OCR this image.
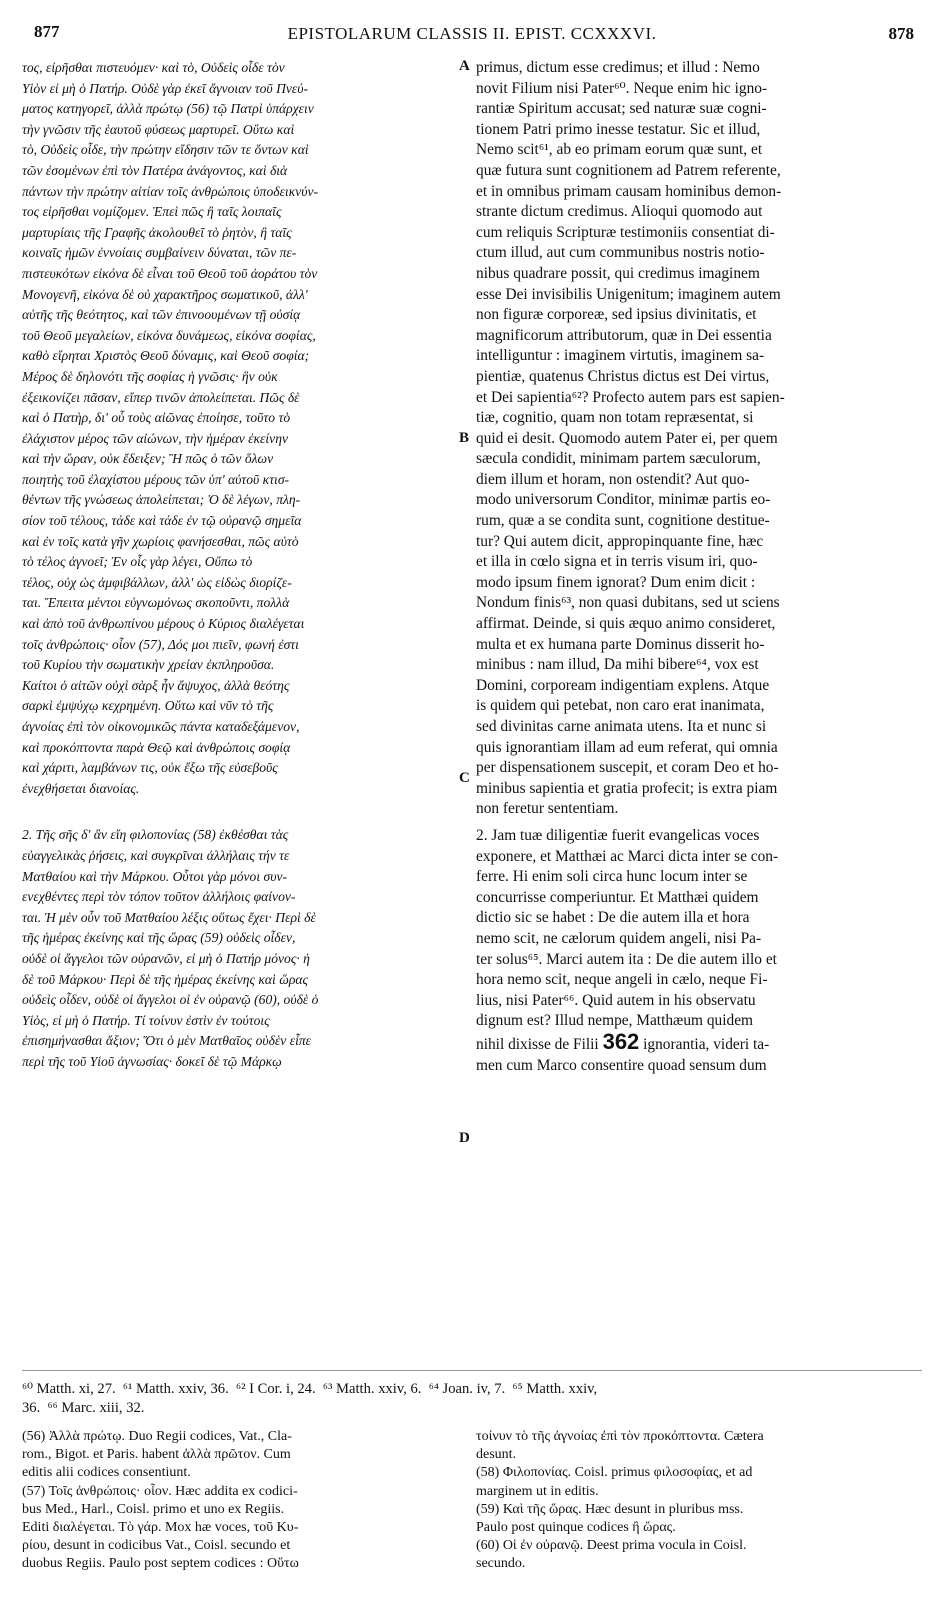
877	EPISTOLARUM CLASSIS II. EPIST. CCXXXVI.	878
A
B
C
D

τος, εἰρῆσθαι πιστευόμεν· καὶ τὸ, Οὐδεὶς οἶδε τὸν

Υἱὸν εἰ μὴ ὁ Πατήρ. Οὐδὲ γὰρ ἐκεῖ ἄγνοιαν τοῦ Πνεύ-

ματος κατηγορεῖ, ἀλλὰ πρώτῳ (56) τῷ Πατρὶ ὑπάρχειν

τὴν γνῶσιν τῆς ἑαυτοῦ φύσεως μαρτυρεῖ. Οὕτω καὶ

τὸ, Οὐδεὶς οἶδε, τὴν πρώτην εἴδησιν τῶν τε ὄντων καὶ

τῶν ἐσομένων ἐπὶ τὸν Πατέρα ἀνάγοντος, καὶ διὰ

πάντων τὴν πρώτην αἰτίαν τοῖς ἀνθρώποις ὑποδεικνύν-

τος εἰρῆσθαι νομίζομεν. Ἐπεὶ πῶς ἢ ταῖς λοιπαῖς

μαρτυρίαις τῆς Γραφῆς ἀκολουθεῖ τὸ ῥητὸν, ἢ ταῖς

κοιναῖς ἡμῶν ἐννοίαις συμβαίνειν δύναται, τῶν πε-

πιστευκότων εἰκόνα δὲ εἶναι τοῦ Θεοῦ τοῦ ἀοράτου τὸν

Μονογενῆ, εἰκόνα δὲ οὐ χαρακτῆρος σωματικοῦ, ἀλλ'

αὐτῆς τῆς θεότητος, καὶ τῶν ἐπινοουμένων τῇ οὐσίᾳ

τοῦ Θεοῦ μεγαλείων, εἰκόνα δυνάμεως, εἰκόνα σοφίας,

καθὸ εἴρηται Χριστὸς Θεοῦ δύναμις, καὶ Θεοῦ σοφία;

Μέρος δὲ δηλονότι τῆς σοφίας ἡ γνῶσις· ἣν οὐκ

ἐξεικονίζει πᾶσαν, εἴπερ τινῶν ἀπολείπεται. Πῶς δὲ

καὶ ὁ Πατὴρ, δι' οὗ τοὺς αἰῶνας ἐποίησε, τοῦτο τὸ

ἐλάχιστον μέρος τῶν αἰώνων, τὴν ἡμέραν ἐκείνην

καὶ τὴν ὥραν, οὐκ ἔδειξεν; Ἢ πῶς ὁ τῶν ὅλων

ποιητὴς τοῦ ἐλαχίστου μέρους τῶν ὑπ' αὐτοῦ κτισ-

θέντων τῆς γνώσεως ἀπολείπεται; Ὁ δὲ λέγων, πλη-

σίον τοῦ τέλους, τάδε καὶ τάδε ἐν τῷ οὐρανῷ σημεῖα

καὶ ἐν τοῖς κατὰ γῆν χωρίοις φανήσεσθαι, πῶς αὐτὸ

τὸ τέλος ἀγνοεῖ; Ἐν οἷς γὰρ λέγει, Οὔπω τὸ

τέλος, οὐχ ὡς ἀμφιβάλλων, ἀλλ' ὡς εἰδὼς διορίζε-

ται. Ἔπειτα μέντοι εὐγνωμόνως σκοποῦντι, πολλὰ

καὶ ἀπὸ τοῦ ἀνθρωπίνου μέρους ὁ Κύριος διαλέγεται

τοῖς ἀνθρώποις· οἷον (57), Δός μοι πιεῖν, φωνή ἐστι

τοῦ Κυρίου τὴν σωματικὴν χρείαν ἐκπληροῦσα.

Καίτοι ὁ αἰτῶν οὐχὶ σὰρξ ἦν ἄψυχος, ἀλλὰ θεότης

σαρκὶ ἐμψύχῳ κεχρημένη. Οὕτω καὶ νῦν τὸ τῆς

ἀγνοίας ἐπὶ τὸν οἰκονομικῶς πάντα καταδεξάμενον,

καὶ προκόπτοντα παρὰ Θεῷ καὶ ἀνθρώποις σοφίᾳ

καὶ χάριτι, λαμβάνων τις, οὐκ ἔξω τῆς εὐσεβοῦς

ἐνεχθήσεται διανοίας.

2. Τῆς σῆς δ' ἂν εἴη φιλοπονίας (58) ἐκθέσθαι τὰς

εὐαγγελικὰς ῥήσεις, καὶ συγκρῖναι ἀλλήλαις τήν τε

Ματθαίου καὶ τὴν Μάρκου. Οὗτοι γὰρ μόνοι συν-

ενεχθέντες περὶ τὸν τόπον τοῦτον ἀλλήλοις φαίνον-

ται. Ἡ μὲν οὖν τοῦ Ματθαίου λέξις οὕτως ἔχει· Περὶ δὲ

τῆς ἡμέρας ἐκείνης καὶ τῆς ὥρας (59) οὐδεὶς οἶδεν,

οὐδὲ οἱ ἄγγελοι τῶν οὐρανῶν, εἰ μὴ ὁ Πατήρ μόνος· ἡ

δὲ τοῦ Μάρκου· Περὶ δὲ τῆς ἡμέρας ἐκείνης καὶ ὥρας

οὐδεὶς οἶδεν, οὐδὲ οἱ ἄγγελοι οἱ ἐν οὐρανῷ (60), οὐδὲ ὁ

Υἱὸς, εἰ μὴ ὁ Πατήρ. Τί τοίνυν ἐστὶν ἐν τούτοις

ἐπισημήνασθαι ἄξιον; Ὅτι ὁ μὲν Ματθαῖος οὐδὲν εἶπε

περὶ τῆς τοῦ Υἱοῦ ἀγνωσίας· δοκεῖ δὲ τῷ Μάρκῳ

primus, dictum esse credimus; et illud : Nemo

novit Filium nisi Pater⁶⁰. Neque enim hic igno-

rantiæ Spiritum accusat; sed naturæ suæ cogni-

tionem Patri primo inesse testatur. Sic et illud,

Nemo scit⁶¹, ab eo primam eorum quæ sunt, et

quæ futura sunt cognitionem ad Patrem referente,

et in omnibus primam causam hominibus demon-

strante dictum credimus. Alioqui quomodo aut

cum reliquis Scripturæ testimoniis consentiat di-

ctum illud, aut cum communibus nostris notio-

nibus quadrare possit, qui credimus imaginem

esse Dei invisibilis Unigenitum; imaginem autem

non figuræ corporeæ, sed ipsius divinitatis, et

magnificorum attributorum, quæ in Dei essentia

intelliguntur : imaginem virtutis, imaginem sa-

pientiæ, quatenus Christus dictus est Dei virtus,

et Dei sapientia⁶²? Profecto autem pars est sapien-

tiæ, cognitio, quam non totam repræsentat, si

quid ei desit. Quomodo autem Pater ei, per quem

sæcula condidit, minimam partem sæculorum,

diem illum et horam, non ostendit? Aut quo-

modo universorum Conditor, minimæ partis eo-

rum, quæ a se condita sunt, cognitione destitue-

tur? Qui autem dicit, appropinquante fine, hæc

et illa in cœlo signa et in terris visum iri, quo-

modo ipsum finem ignorat? Dum enim dicit :

Nondum finis⁶³, non quasi dubitans, sed ut sciens

affirmat. Deinde, si quis æquo animo consideret,

multa et ex humana parte Dominus disserit ho-

minibus : nam illud, Da mihi bibere⁶⁴, vox est

Domini, corpoream indigentiam explens. Atque

is quidem qui petebat, non caro erat inanimata,

sed divinitas carne animata utens. Ita et nunc si

quis ignorantiam illam ad eum referat, qui omnia

per dispensationem suscepit, et coram Deo et ho-

minibus sapientia et gratia profecit; is extra piam

non feretur sententiam.

2. Jam tuæ diligentiæ fuerit evangelicas voces

exponere, et Matthæi ac Marci dicta inter se con-

ferre. Hi enim soli circa hunc locum inter se

concurrisse comperiuntur. Et Matthæi quidem

dictio sic se habet : De die autem illa et hora

nemo scit, ne cælorum quidem angeli, nisi Pa-

ter solus⁶⁵. Marci autem ita : De die autem illo et

hora nemo scit, neque angeli in cælo, neque Fi-

lius, nisi Pater⁶⁶. Quid autem in his observatu

dignum est? Illud nempe, Matthæum quidem

nihil dixisse de Filii 362 ignorantia, videri ta-

men cum Marco consentire quoad sensum dum

⁶⁰ Matth. xi, 27.  ⁶¹ Matth. xxiv, 36.  ⁶² I Cor. i, 24.  ⁶³ Matth. xxiv, 6.  ⁶⁴ Joan. iv, 7.  ⁶⁵ Matth. xxiv,

36.  ⁶⁶ Marc. xiii, 32.

(56) Ἀλλὰ πρώτῳ. Duo Regii codices, Vat., Cla-

rom., Bigot. et Paris. habent ἀλλὰ πρῶτον. Cum

editis alii codices consentiunt.

(57) Τοῖς ἀνθρώποις· οἷον. Hæc addita ex codici-

bus Med., Harl., Coisl. primo et uno ex Regiis.

Editi διαλέγεται. Τὸ γάρ. Mox hæ voces, τοῦ Κυ-

ρίου, desunt in codicibus Vat., Coisl. secundo et

duobus Regiis. Paulo post septem codices : Οὕτω

τοίνυν τὸ τῆς ἀγνοίας ἐπὶ τὸν προκόπτοντα. Cætera

desunt.

(58) Φιλοπονίας. Coisl. primus φιλοσοφίας, et ad

marginem ut in editis.

(59) Καὶ τῆς ὥρας. Hæc desunt in pluribus mss.

Paulo post quinque codices ἢ ὥρας.

(60) Οἱ ἐν οὐρανῷ. Deest prima vocula in Coisl.

secundo.
